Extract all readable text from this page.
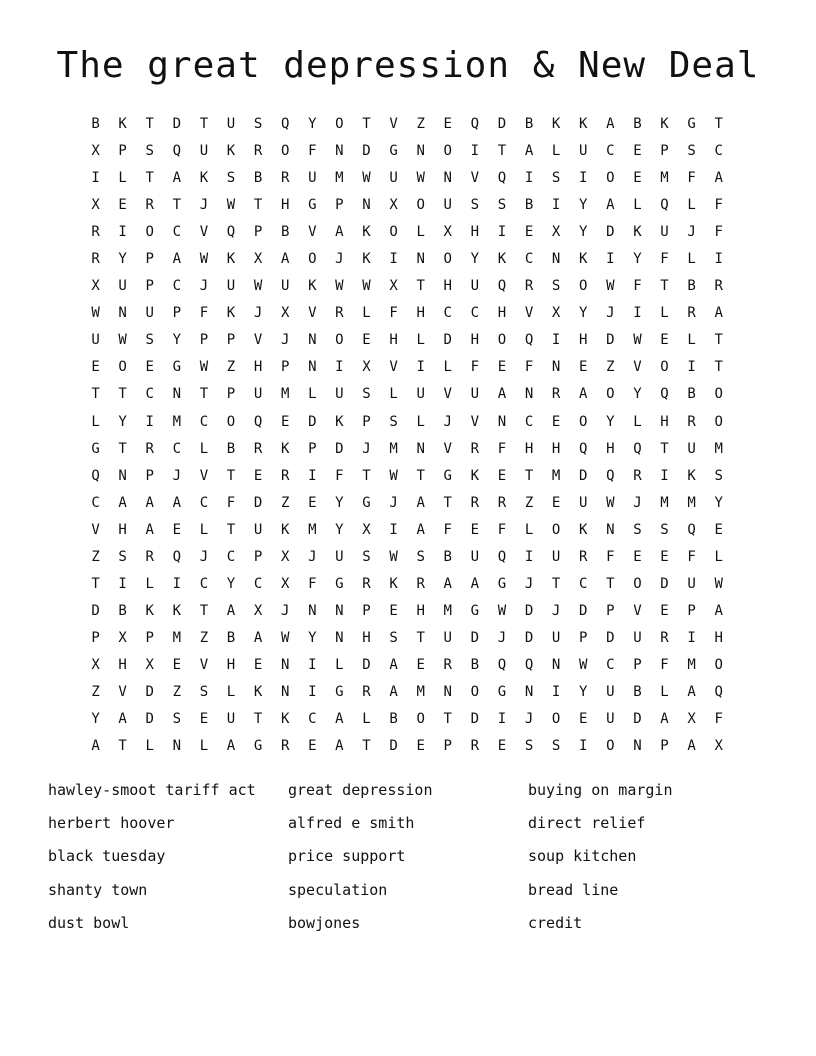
The great depression & New Deal
B	K	T	D	T	U	S	Q	Y	O	T	V	Z	E	Q	D	B	K	K	A	B	K	G	T
X	P	S	Q	U	K	R	O	F	N	D	G	N	O	I	T	A	L	U	C	E	P	S	C
I	L	T	A	K	S	B	R	U	M	W	U	W	N	V	Q	I	S	I	O	E	M	F	A
X	E	R	T	J	W	T	H	G	P	N	X	O	U	S	S	B	I	Y	A	L	Q	L	F
R	I	O	C	V	Q	P	B	V	A	K	O	L	X	H	I	E	X	Y	D	K	U	J	F
R	Y	P	A	W	K	X	A	O	J	K	I	N	O	Y	K	C	N	K	I	Y	F	L	I
X	U	P	C	J	U	W	U	K	W	W	X	T	H	U	Q	R	S	O	W	F	T	B	R
W	N	U	P	F	K	J	X	V	R	L	F	H	C	C	H	V	X	Y	J	I	L	R	A
U	W	S	Y	P	P	V	J	N	O	E	H	L	D	H	O	Q	I	H	D	W	E	L	T
E	O	E	G	W	Z	H	P	N	I	X	V	I	L	F	E	F	N	E	Z	V	O	I	T
T	T	C	N	T	P	U	M	L	U	S	L	U	V	U	A	N	R	A	O	Y	Q	B	O
L	Y	I	M	C	O	Q	E	D	K	P	S	L	J	V	N	C	E	O	Y	L	H	R	O
G	T	R	C	L	B	R	K	P	D	J	M	N	V	R	F	H	H	Q	H	Q	T	U	M
Q	N	P	J	V	T	E	R	I	F	T	W	T	G	K	E	T	M	D	Q	R	I	K	S
C	A	A	A	C	F	D	Z	E	Y	G	J	A	T	R	R	Z	E	U	W	J	M	M	Y
V	H	A	E	L	T	U	K	M	Y	X	I	A	F	E	F	L	O	K	N	S	S	Q	E
Z	S	R	Q	J	C	P	X	J	U	S	W	S	B	U	Q	I	U	R	F	E	E	F	L
T	I	L	I	C	Y	C	X	F	G	R	K	R	A	A	G	J	T	C	T	O	D	U	W
D	B	K	K	T	A	X	J	N	N	P	E	H	M	G	W	D	J	D	P	V	E	P	A
P	X	P	M	Z	B	A	W	Y	N	H	S	T	U	D	J	D	U	P	D	U	R	I	H
X	H	X	E	V	H	E	N	I	L	D	A	E	R	B	Q	Q	N	W	C	P	F	M	O
Z	V	D	Z	S	L	K	N	I	G	R	A	M	N	O	G	N	I	Y	U	B	L	A	Q
Y	A	D	S	E	U	T	K	C	A	L	B	O	T	D	I	J	O	E	U	D	A	X	F
A	T	L	N	L	A	G	R	E	A	T	D	E	P	R	E	S	S	I	O	N	P	A	X
hawley-smoot tariff act	great depression	buying on margin
herbert hoover	alfred e smith	direct relief
black tuesday	price support	soup kitchen
shanty town	speculation	bread line
dust bowl	bowjones	credit
